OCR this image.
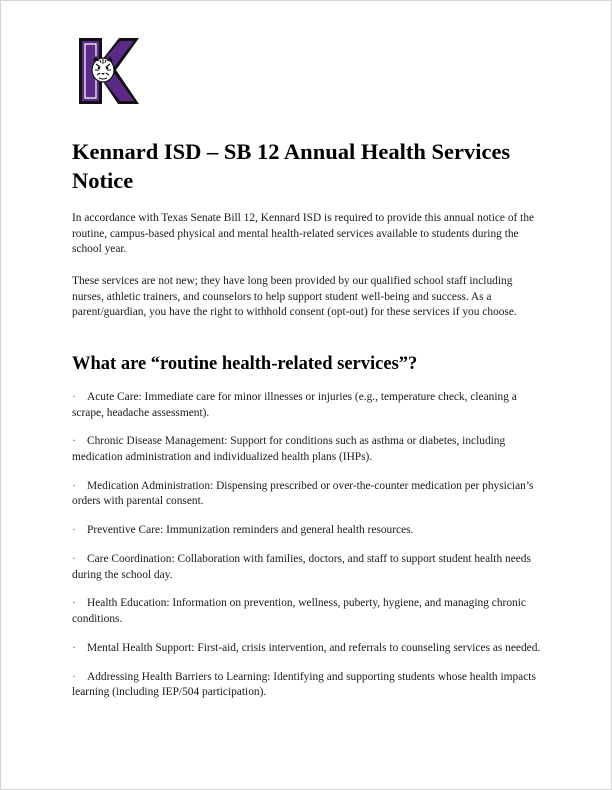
Kennard ISD – SB 12 Annual Health Services Notice

In accordance with Texas Senate Bill 12, Kennard ISD is required to provide this annual notice of the routine, campus-based physical and mental health-related services available to students during the school year.

These services are not new; they have long been provided by our qualified school staff including nurses, athletic trainers, and counselors to help support student well-being and success. As a parent/guardian, you have the right to withhold consent (opt-out) for these services if you choose.

What are “routine health-related services”?
· Acute Care: Immediate care for minor illnesses or injuries (e.g., temperature check, cleaning a scrape, headache assessment).
· Chronic Disease Management: Support for conditions such as asthma or diabetes, including medication administration and individualized health plans (IHPs).
· Medication Administration: Dispensing prescribed or over-the-counter medication per physician’s orders with parental consent.
· Preventive Care: Immunization reminders and general health resources.
· Care Coordination: Collaboration with families, doctors, and staff to support student health needs during the school day.
· Health Education: Information on prevention, wellness, puberty, hygiene, and managing chronic conditions.
· Mental Health Support: First-aid, crisis intervention, and referrals to counseling services as needed.
· Addressing Health Barriers to Learning: Identifying and supporting students whose health impacts learning (including IEP/504 participation).
